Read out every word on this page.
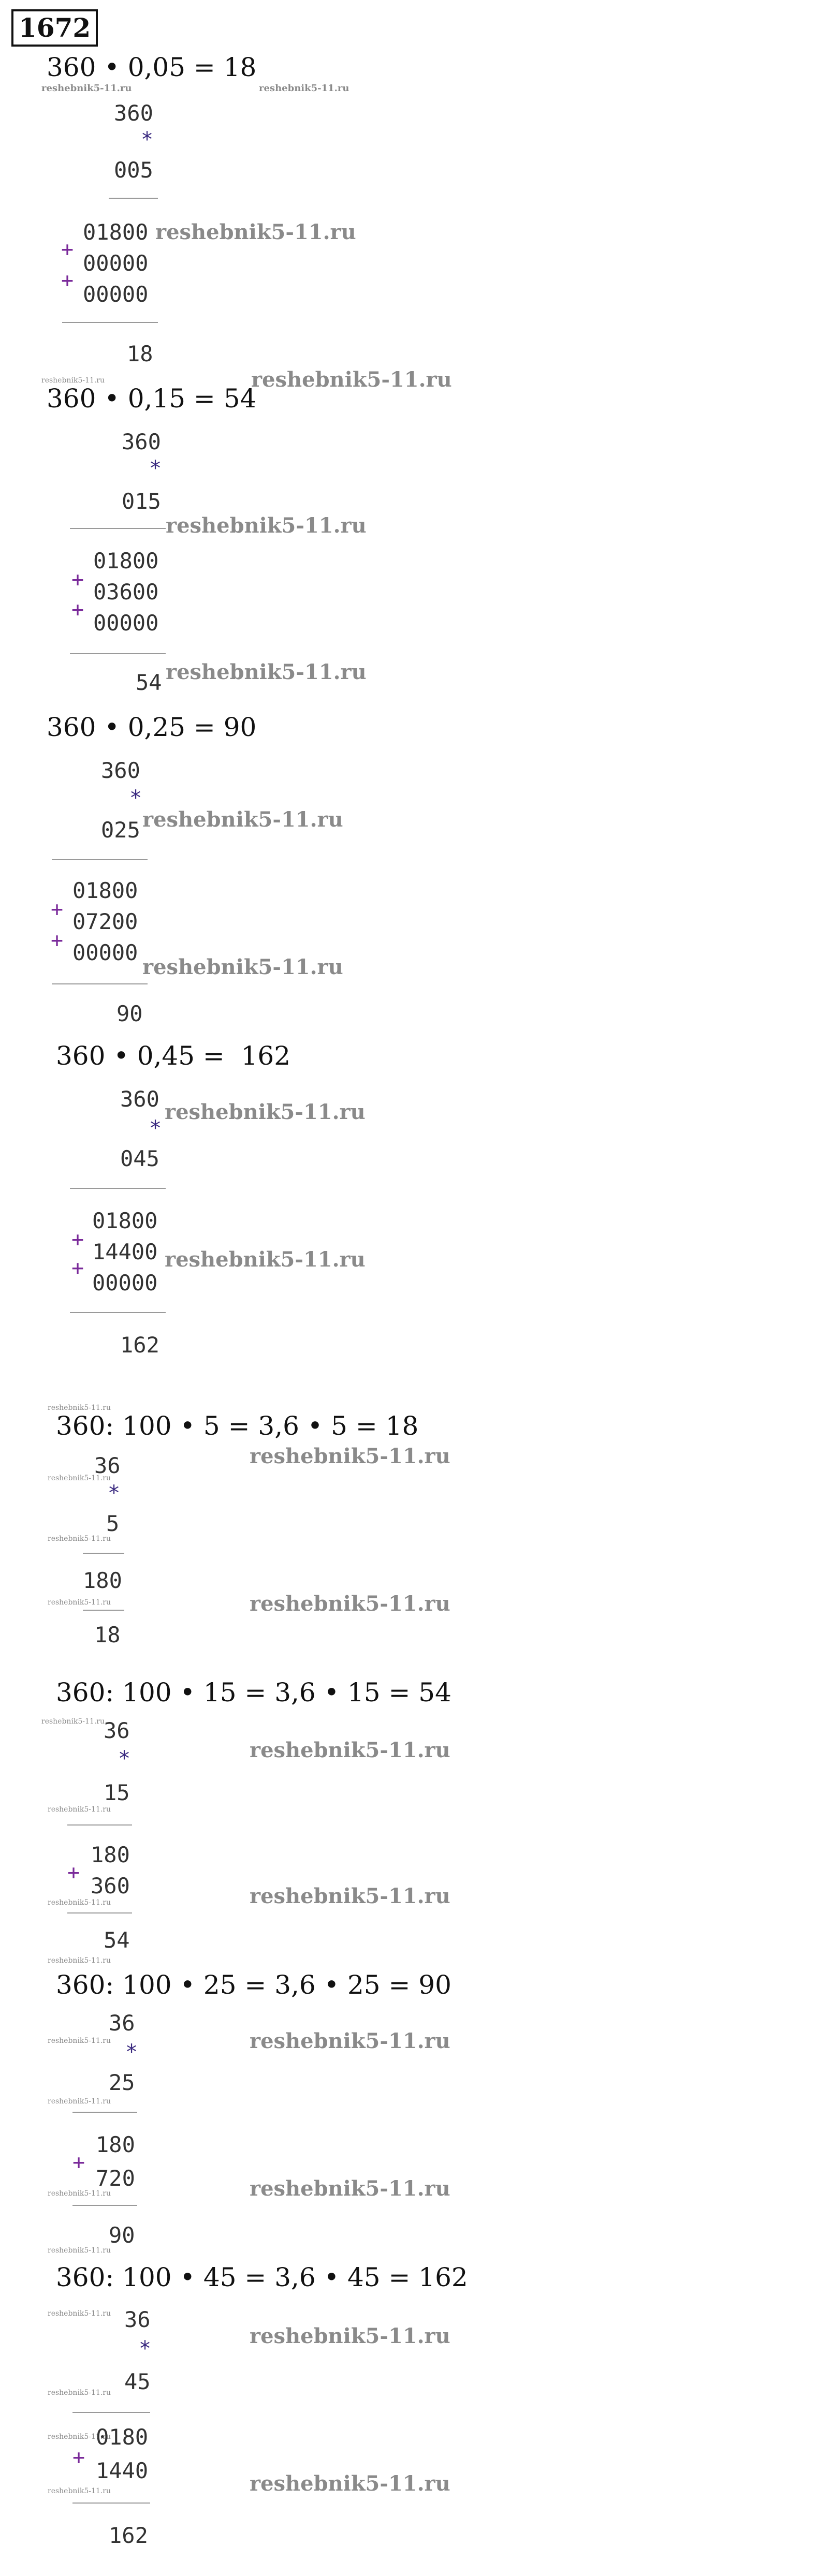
1672
360 • 0,05 = 18
reshebnik5-11.ru	reshebnik5-11.ru
360
*
005
01800 reshebnik5-11.ru
+
00000
+
00000
18
reshebnik5-11.ru	reshebnik5-11.ru
360 • 0,15 = 54
360
*
015
reshebnik5-11.ru
01800
+ 03600
+
00000
54 reshebnik5-11.ru
360 • 0,25 = 90
360
*
025 reshebnik5-11.ru
01800
+ 07200
+ 00000
reshebnik5-11.ru
90
360 • 0,45 =  162
360
reshebnik5-11.ru
*
045
01800
+ 14400 reshebnik5-11.ru
+
00000
162
reshebnik5-11.ru
360: 100 • 5 = 3,6 • 5 = 18
36	reshebnik5-11.ru
reshebnik5-11.ru
*
5
reshebnik5-11.ru
180
reshebnik5-11.ru
reshebnik5-11.ru
18
360: 100 • 15 = 3,6 • 15 = 54
reshebnik5-11.ru
36
reshebnik5-11.ru
*
15
reshebnik5-11.ru
180
+
360	reshebnik5-11.ru
reshebnik5-11.ru
54
reshebnik5-11.ru
360: 100 • 25 = 3,6 • 25 = 90
36
reshebnik5-11.ru
reshebnik5-11.ru *
25
reshebnik5-11.ru
180
+
720	reshebnik5-11.ru
reshebnik5-11.ru
90
reshebnik5-11.ru
360: 100 • 45 = 3,6 • 45 = 162
reshebnik5-11.ru 36
reshebnik5-11.ru
*
45
reshebnik5-11.ru
reshebnik5-11.ru
0180
+
1440
reshebnik5-11.ru
reshebnik5-11.ru
162
